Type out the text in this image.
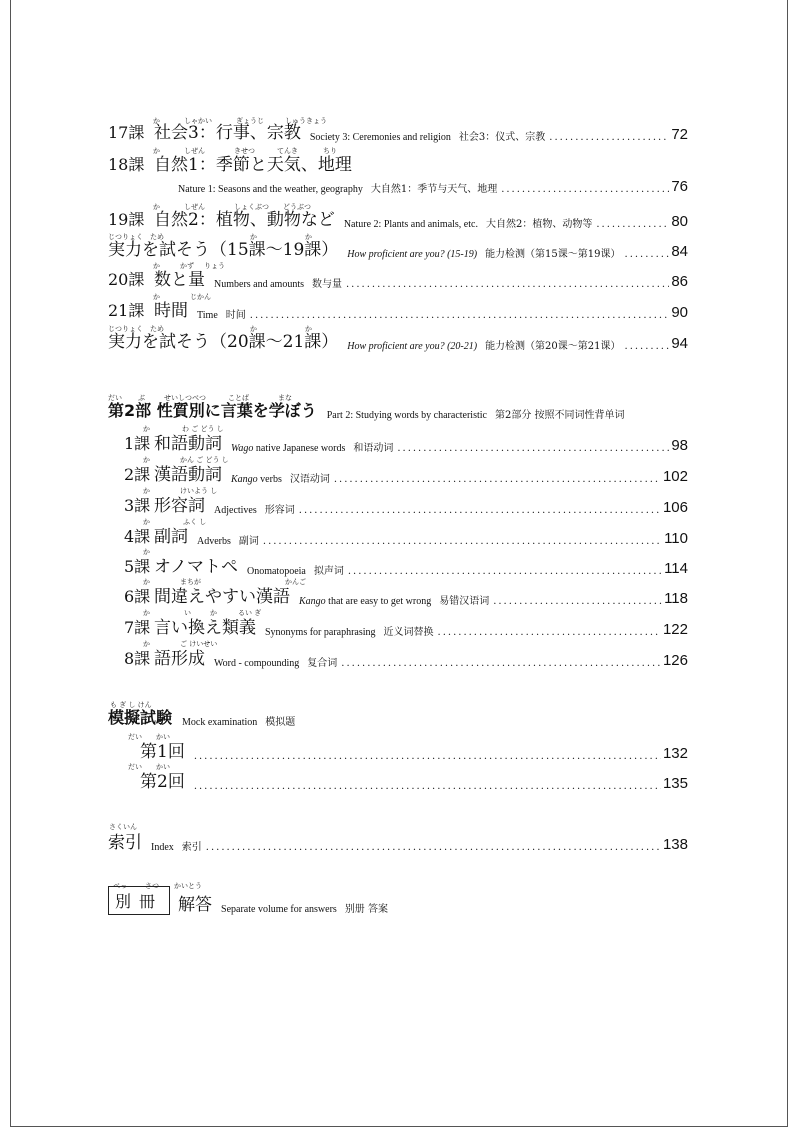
17課 社会3：行事、宗教 Society 3: Ceremonies and religion 社会3：仪式、宗教 .....	72
18課 自然1：季節と天気、地理
Nature 1: Seasons and the weather, geography 大自然1：季节与天气、地理 .....	76
19課 自然2：植物、動物など Nature 2: Plants and animals, etc. 大自然2：植物、动物等 .....	80
実力を試そう（15課〜19課） How proficient are you? (15-19) 能力检测（第15课〜第19课） .....	84
20課 数と量 Numbers and amounts 数与量 .....	86
21課 時間 Time 时间 .....	90
実力を試そう（20課〜21課） How proficient are you? (20-21) 能力检测（第20课〜第21课） .....	94
第2部 性質別に言葉を学ぼう Part 2: Studying words by characteristic 第2部分 按照不同词性背单词
1課 和語動詞 Wago native Japanese words 和语动词 .....	98
2課 漢語動詞 Kango verbs 汉语动词 .....	102
3課 形容詞 Adjectives 形容词 .....	106
4課 副詞 Adverbs 副词 .....	110
5課 オノマトペ Onomatopoeia 拟声词 .....	114
6課 間違えやすい漢語 Kango that are easy to get wrong 易错汉语词 .....	118
7課 言い換え類義 Synonyms for paraphrasing 近义词替换 .....	122
8課 語形成 Word - compounding 复合词 .....	126
模擬試験 Mock examination 模拟题
第1回 .....	132
第2回 .....	135
索引 Index 索引 .....	138
別冊 解答 Separate volume for answers 别册 答案
か	しゃかい	ぎょうじ	しゅうきょう
か	しぜん	きせつ	てんき	ちり
か	しぜん	しょくぶつ どうぶつ
じつりょく ため	か	か
か	かず りょう
か	じかん
じつりょく ため	か	か
だい ぶ	せいしつべつ	ことば	まな
か	わ ご どう し
か	かん ご どう し
か	けいよう し
か	ふく し
か
か	まちが	かんご
か	い	か	るい ぎ
か	ご けいせい
も ぎ し けん
だい かい
だい かい
さくいん
べっ	さつ かいとう
